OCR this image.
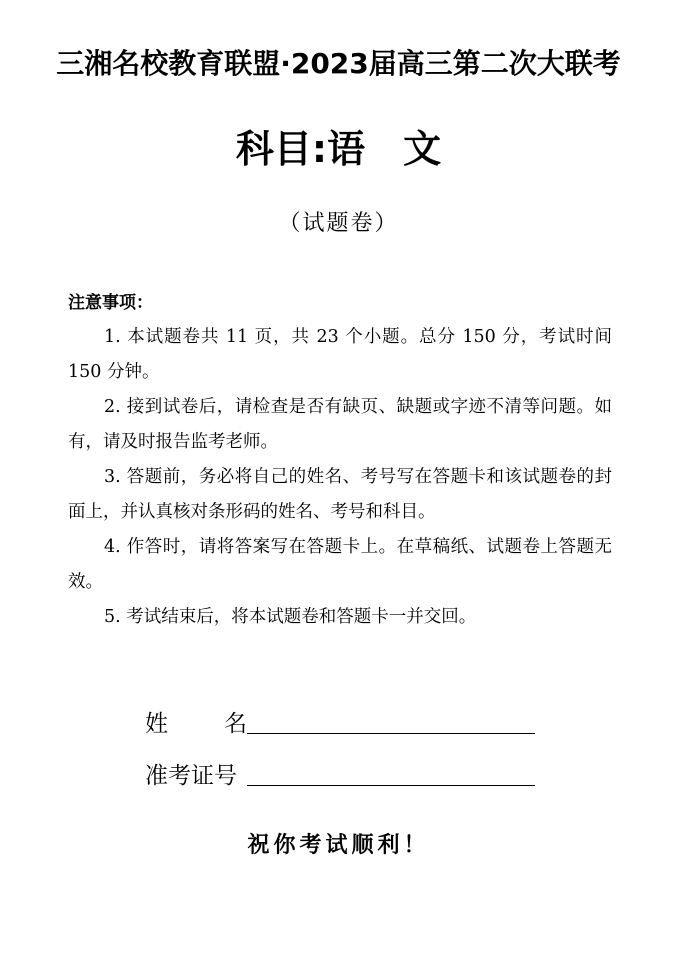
三湘名校教育联盟·2023届高三第二次大联考
科目:语　文
（试题卷）
注意事项：
1. 本试题卷共 11 页，共 23 个小题。总分 150 分，考试时间 150 分钟。
2. 接到试卷后，请检查是否有缺页、缺题或字迹不清等问题。如有，请及时报告监考老师。
3. 答题前，务必将自己的姓名、考号写在答题卡和该试题卷的封面上，并认真核对条形码的姓名、考号和科目。
4. 作答时，请将答案写在答题卡上。在草稿纸、试题卷上答题无效。
5. 考试结束后，将本试题卷和答题卡一并交回。
姓 名
准考证号
祝你考试顺利！
